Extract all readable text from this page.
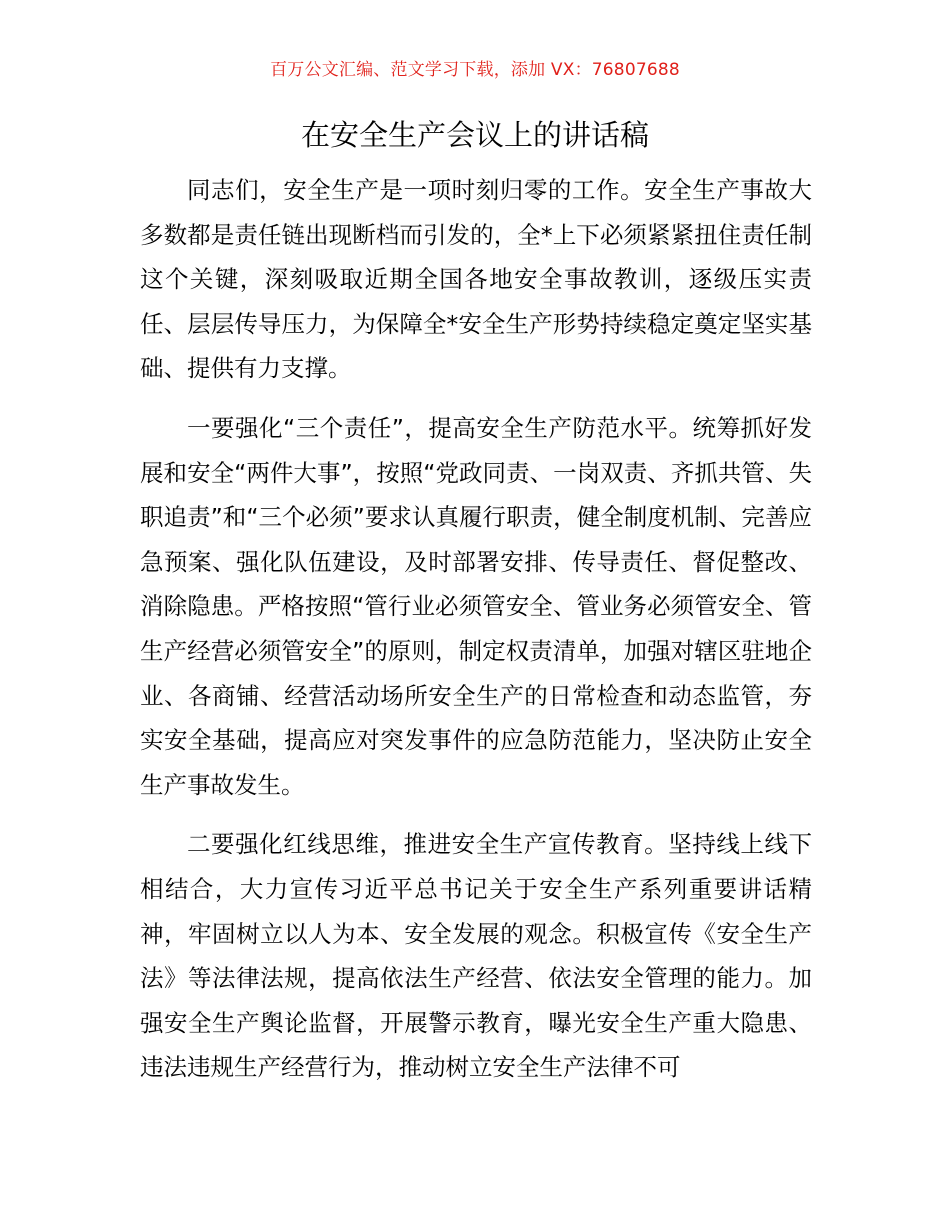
百万公文汇编、范文学习下载，添加 VX：76807688
在安全生产会议上的讲话稿

同志们，安全生产是一项时刻归零的工作。安全生产事故大多数都是责任链出现断档而引发的，全*上下必须紧紧扭住责任制这个关键，深刻吸取近期全国各地安全事故教训，逐级压实责任、层层传导压力，为保障全*安全生产形势持续稳定奠定坚实基础、提供有力支撑。

一要强化“三个责任”，提高安全生产防范水平。统筹抓好发展和安全“两件大事”，按照“党政同责、一岗双责、齐抓共管、失职追责”和“三个必须”要求认真履行职责，健全制度机制、完善应急预案、强化队伍建设，及时部署安排、传导责任、督促整改、消除隐患。严格按照“管行业必须管安全、管业务必须管安全、管生产经营必须管安全”的原则，制定权责清单，加强对辖区驻地企业、各商铺、经营活动场所安全生产的日常检查和动态监管，夯实安全基础，提高应对突发事件的应急防范能力，坚决防止安全生产事故发生。

二要强化红线思维，推进安全生产宣传教育。坚持线上线下相结合，大力宣传习近平总书记关于安全生产系列重要讲话精神，牢固树立以人为本、安全发展的观念。积极宣传《安全生产法》等法律法规，提高依法生产经营、依法安全管理的能力。加强安全生产舆论监督，开展警示教育，曝光安全生产重大隐患、违法违规生产经营行为，推动树立安全生产法律不可
